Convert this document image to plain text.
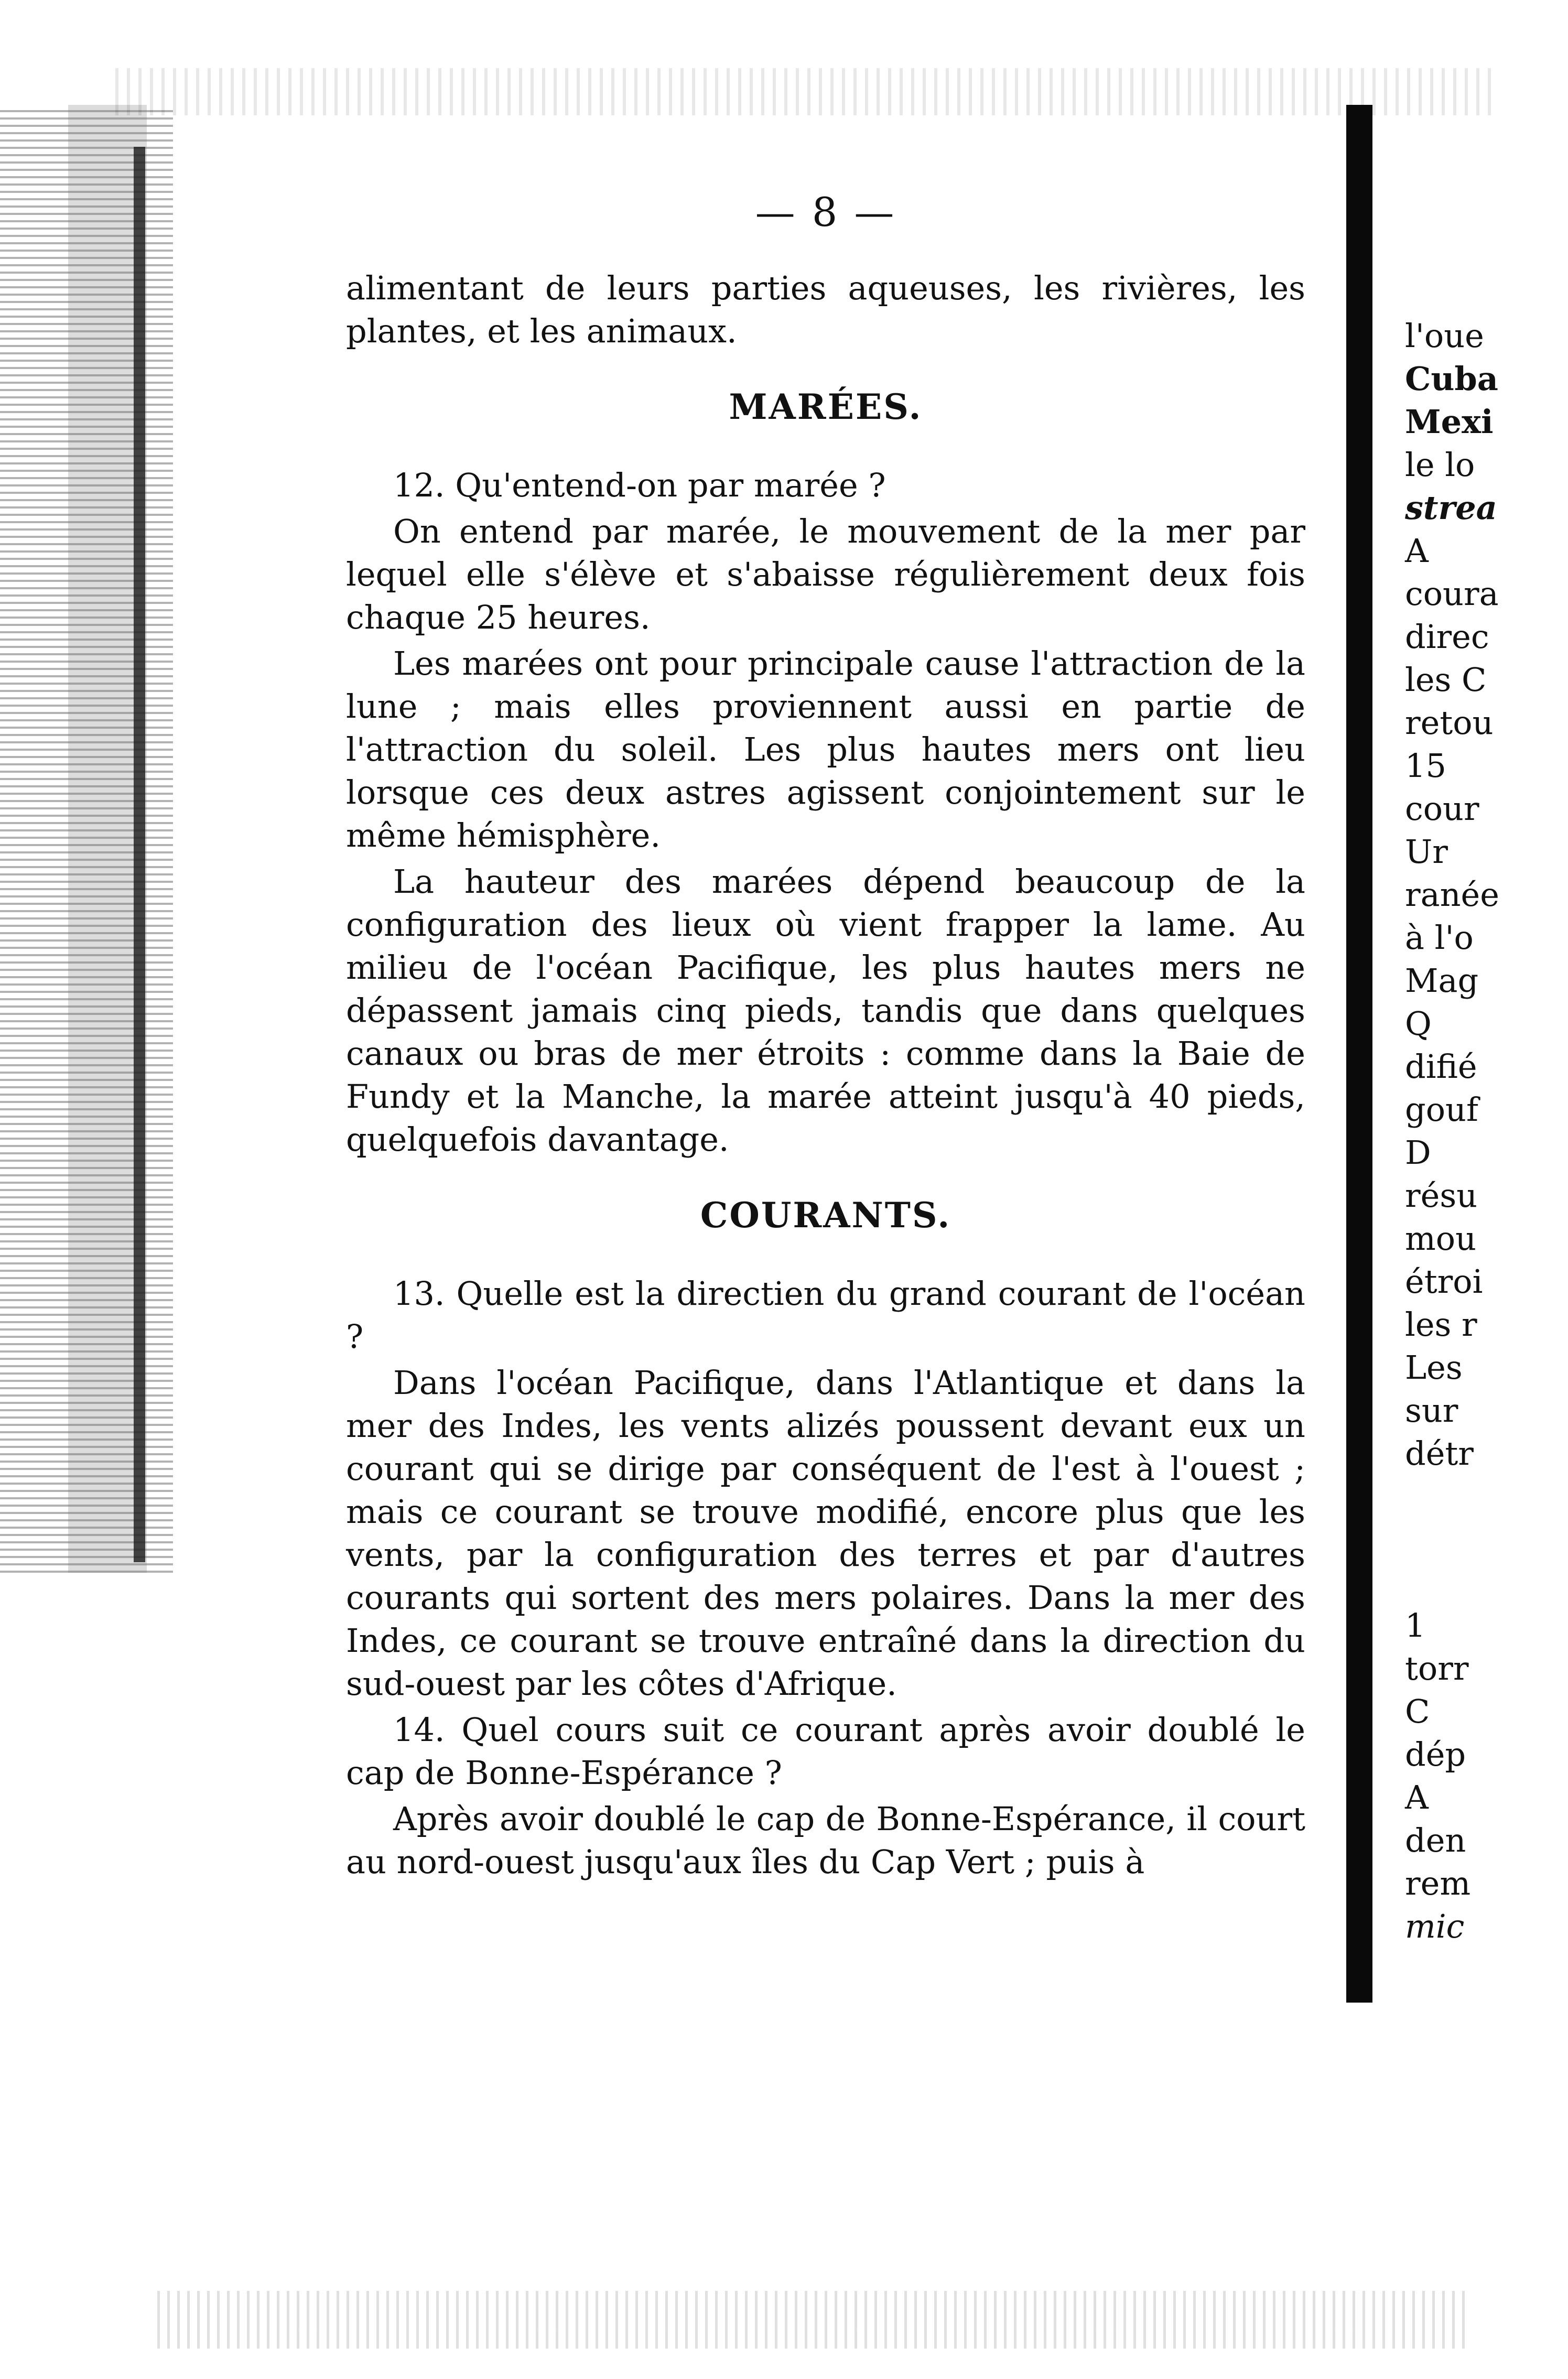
— 8 —

alimentant de leurs parties aqueuses, les rivières, les plantes, et les animaux.

MARÉES.

12. Qu'entend-on par marée ?

On entend par marée, le mouvement de la mer par lequel elle s'élève et s'abaisse régulièrement deux fois chaque 25 heures.

Les marées ont pour principale cause l'attraction de la lune ; mais elles proviennent aussi en partie de l'attraction du soleil. Les plus hautes mers ont lieu lorsque ces deux astres agissent conjointement sur le même hémisphère.

La hauteur des marées dépend beaucoup de la configuration des lieux où vient frapper la lame. Au milieu de l'océan Pacifique, les plus hautes mers ne dépassent jamais cinq pieds, tandis que dans quelques canaux ou bras de mer étroits : comme dans la Baie de Fundy et la Manche, la marée atteint jusqu'à 40 pieds, quelquefois davantage.

COURANTS.

13. Quelle est la directien du grand courant de l'océan ?

Dans l'océan Pacifique, dans l'Atlantique et dans la mer des Indes, les vents alizés poussent devant eux un courant qui se dirige par conséquent de l'est à l'ouest ; mais ce courant se trouve modifié, encore plus que les vents, par la configuration des terres et par d'autres courants qui sortent des mers polaires. Dans la mer des Indes, ce courant se trouve entraîné dans la direction du sud-ouest par les côtes d'Afrique.

14. Quel cours suit ce courant après avoir doublé le cap de Bonne-Espérance ?

Après avoir doublé le cap de Bonne-Espérance, il court au nord-ouest jusqu'aux îles du Cap Vert ; puis à

l'oue
Cuba
Mexi
le lo
strea
A
coura
direc
les C
retou
15
cour
Ur
ranée
à l'o
Mag
Q
difié
gouf
D
résu
mou
étroi
les r
Les
sur
détr
1
torr
C
dép
A
den
rem
mic
